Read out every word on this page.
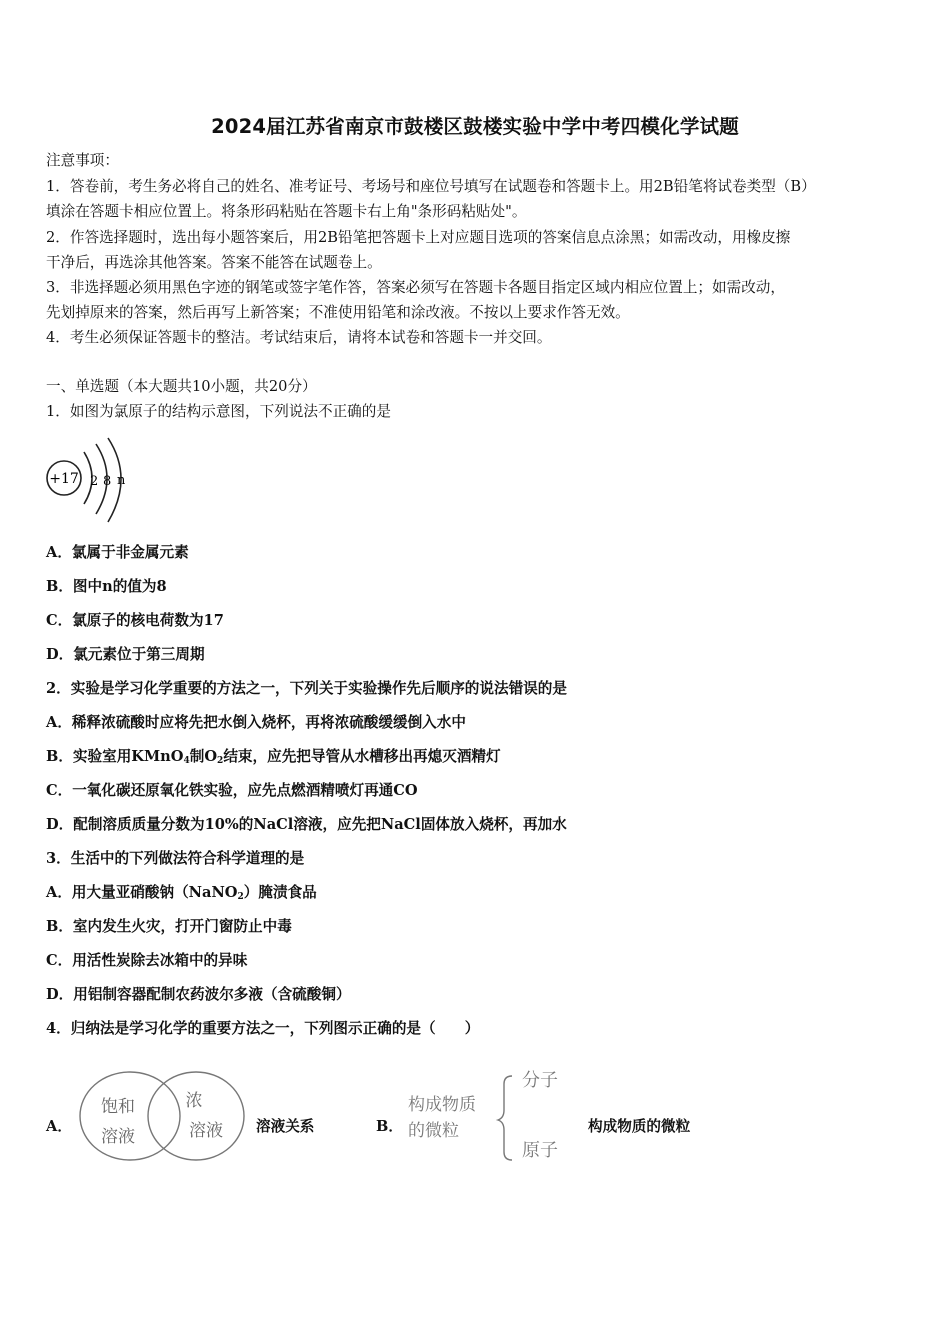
2024届江苏省南京市鼓楼区鼓楼实验中学中考四模化学试题
注意事项：
1．答卷前，考生务必将自己的姓名、准考证号、考场号和座位号填写在试题卷和答题卡上。用2B铅笔将试卷类型（B）
填涂在答题卡相应位置上。将条形码粘贴在答题卡右上角"条形码粘贴处"。
2．作答选择题时，选出每小题答案后，用2B铅笔把答题卡上对应题目选项的答案信息点涂黑；如需改动，用橡皮擦
干净后，再选涂其他答案。答案不能答在试题卷上。
3．非选择题必须用黑色字迹的钢笔或签字笔作答，答案必须写在答题卡各题目指定区域内相应位置上；如需改动，
先划掉原来的答案，然后再写上新答案；不准使用铅笔和涂改液。不按以上要求作答无效。
4．考生必须保证答题卡的整洁。考试结束后，请将本试卷和答题卡一并交回。
一、单选题（本大题共10小题，共20分）
1．如图为氯原子的结构示意图，下列说法不正确的是
+17 2 8 n
A．氯属于非金属元素
B．图中n的值为8
C．氯原子的核电荷数为17
D．氯元素位于第三周期
2．实验是学习化学重要的方法之一，下列关于实验操作先后顺序的说法错误的是
A．稀释浓硫酸时应将先把水倒入烧杯，再将浓硫酸缓缓倒入水中
B．实验室用KMnO$_4$制$O_2$结束，应先把导管从水槽移出再熄灭酒精灯
C．一氧化碳还原氧化铁实验，应先点燃酒精喷灯再通CO
D．配制溶质质量分数为10%的NaCl溶液，应先把NaCl固体放入烧杯，再加水
3．生活中的下列做法符合科学道理的是
A．用大量亚硝酸钠（NaNO$_2$）腌渍食品
B．室内发生火灾，打开门窗防止中毒
C．用活性炭除去冰箱中的异味
D．用铝制容器配制农药波尔多液（含硫酸铜）
4．归纳法是学习化学的重要方法之一，下列图示正确的是（　　）
A．
饱和
溶液
浓
溶液 溶液关系	B．
构成物质
的微粒
分子
原子
构成物质的微粒
